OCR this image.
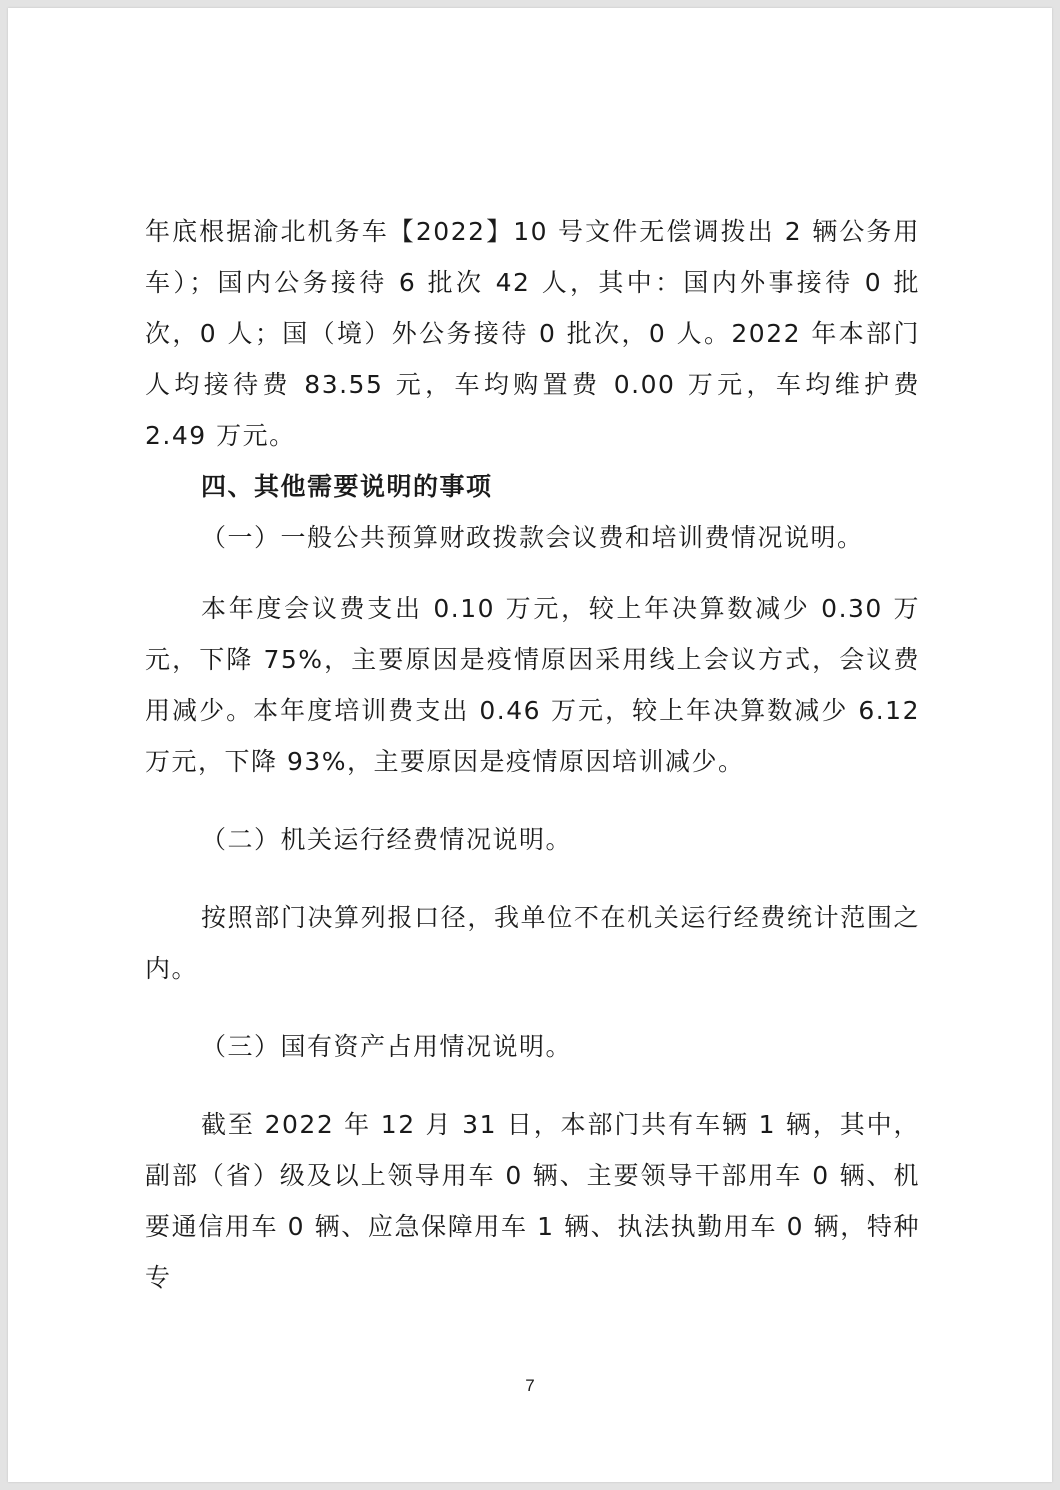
年底根据渝北机务车【2022】10 号文件无偿调拨出 2 辆公务用车）；国内公务接待 6 批次 42 人，其中：国内外事接待 0 批次，0 人；国（境）外公务接待 0 批次，0 人。2022 年本部门人均接待费 83.55 元，车均购置费 0.00 万元，车均维护费 2.49 万元。

四、其他需要说明的事项

（一）一般公共预算财政拨款会议费和培训费情况说明。

本年度会议费支出 0.10 万元，较上年决算数减少 0.30 万元，下降 75%，主要原因是疫情原因采用线上会议方式，会议费用减少。本年度培训费支出 0.46 万元，较上年决算数减少 6.12 万元，下降 93%，主要原因是疫情原因培训减少。

（二）机关运行经费情况说明。

按照部门决算列报口径，我单位不在机关运行经费统计范围之内。

（三）国有资产占用情况说明。

截至 2022 年 12 月 31 日，本部门共有车辆 1 辆，其中，副部（省）级及以上领导用车 0 辆、主要领导干部用车 0 辆、机要通信用车 0 辆、应急保障用车 1 辆、执法执勤用车 0 辆，特种专

7
